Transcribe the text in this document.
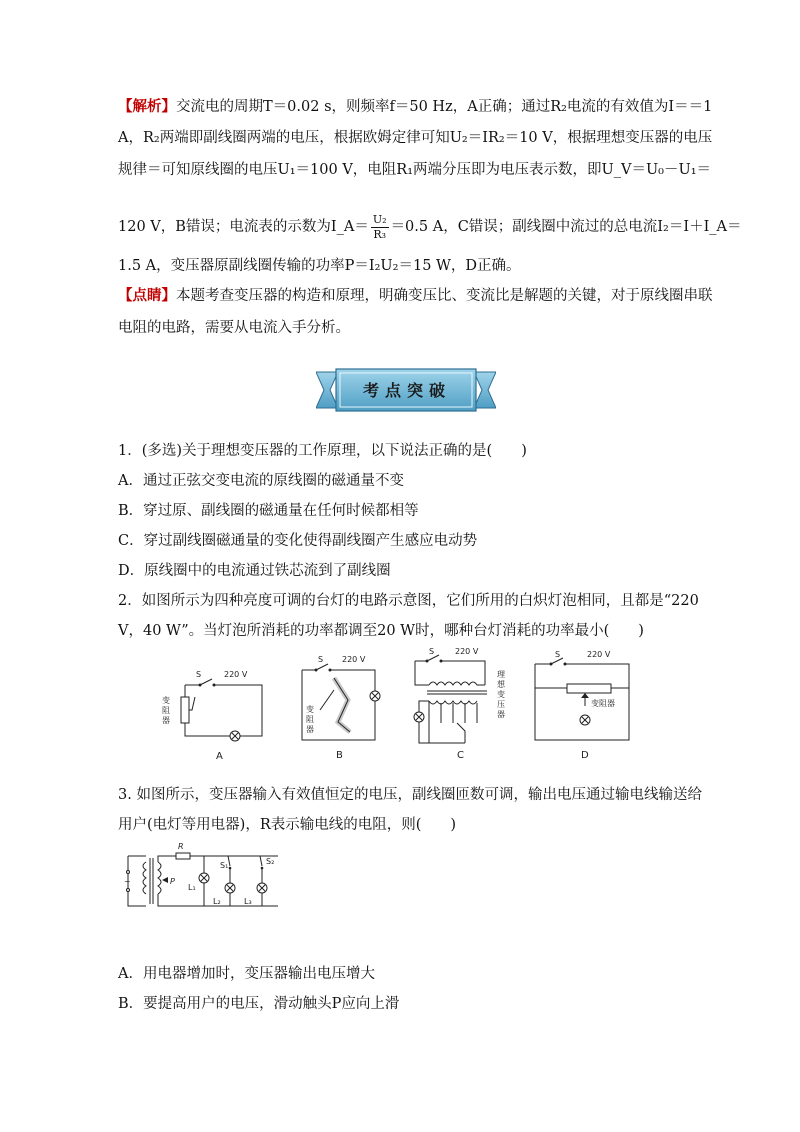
【解析】交流电的周期T＝0.02 s，则频率f＝50 Hz，A正确；通过R₂电流的有效值为I＝＝1
A，R₂两端即副线圈两端的电压，根据欧姆定律可知U₂＝IR₂＝10 V，根据理想变压器的电压
规律＝可知原线圈的电压U₁＝100 V，电阻R₁两端分压即为电压表示数，即U_V＝U₀－U₁＝
120 V，B错误；电流表的示数为I_A＝ $\frac{\text{U₂}}{\text{R₃}} =0.5$ A，C错误；副线圈中流过的总电流I₂＝I＋I_A＝
1.5 A，变压器原副线圈传输的功率P＝I₂U₂＝15 W，D正确。
【点睛】本题考查变压器的构造和原理，明确变压比、变流比是解题的关键，对于原线圈串联
电阻的电路，需要从电流入手分析。
考点突破
1．(多选)关于理想变压器的工作原理，以下说法正确的是(　　)
A．通过正弦交变电流的原线圈的磁通量不变
B．穿过原、副线圈的磁通量在任何时候都相等
C．穿过副线圈磁通量的变化使得副线圈产生感应电动势
D．原线圈中的电流通过铁芯流到了副线圈
2．如图所示为四种亮度可调的台灯的电路示意图，它们所用的白炽灯泡相同，且都是“220
V，40 W”。当灯泡所消耗的功率都调至20 W时，哪种台灯消耗的功率最小(　　)
S	220 V
变
阻
器
A
S 220 V
变
阻
器
B
S	220 V
理
想
变
压
器
C
S	220 V
变阻器
D
3. 如图所示，变压器输入有效值恒定的电压，副线圈匝数可调，输出电压通过输电线输送给
用户(电灯等用电器)，R表示输电线的电阻，则(　　)
~
R
P
L₁
S₁
L₂
S₂
L₃
A．用电器增加时，变压器输出电压增大
B．要提高用户的电压，滑动触头P应向上滑
